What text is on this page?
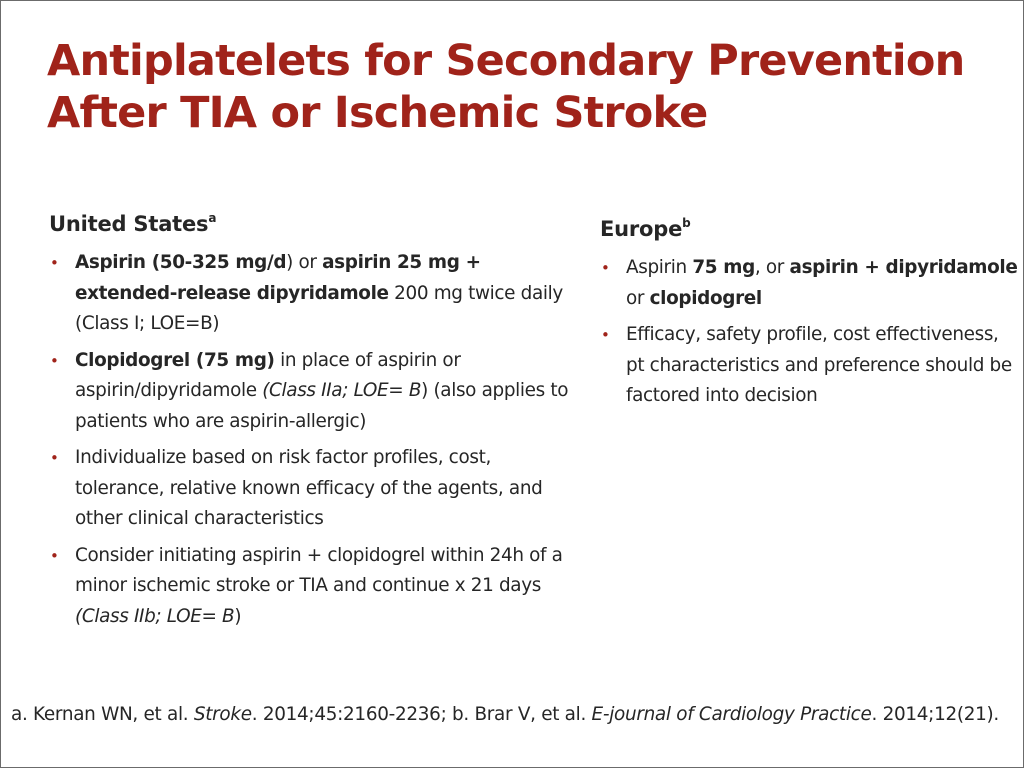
Antiplatelets for Secondary Prevention
After TIA or Ischemic Stroke
United States$^a$
• Aspirin (50-325 mg/d) or aspirin 25 mg + extended-release dipyridamole 200 mg twice daily (Class I; LOE=B)
• Clopidogrel (75 mg) in place of aspirin or aspirin/dipyridamole (Class IIa; LOE= B) (also applies to patients who are aspirin-allergic)
• Individualize based on risk factor profiles, cost, tolerance, relative known efficacy of the agents, and other clinical characteristics
• Consider initiating aspirin + clopidogrel within 24h of a minor ischemic stroke or TIA and continue x 21 days (Class IIb; LOE= B)
Europe$^b$
• Aspirin 75 mg, or aspirin + dipyridamole or clopidogrel
• Efficacy, safety profile, cost effectiveness, pt characteristics and preference should be factored into decision
a. Kernan WN, et al. Stroke. 2014;45:2160-2236; b. Brar V, et al. E-journal of Cardiology Practice. 2014;12(21).
